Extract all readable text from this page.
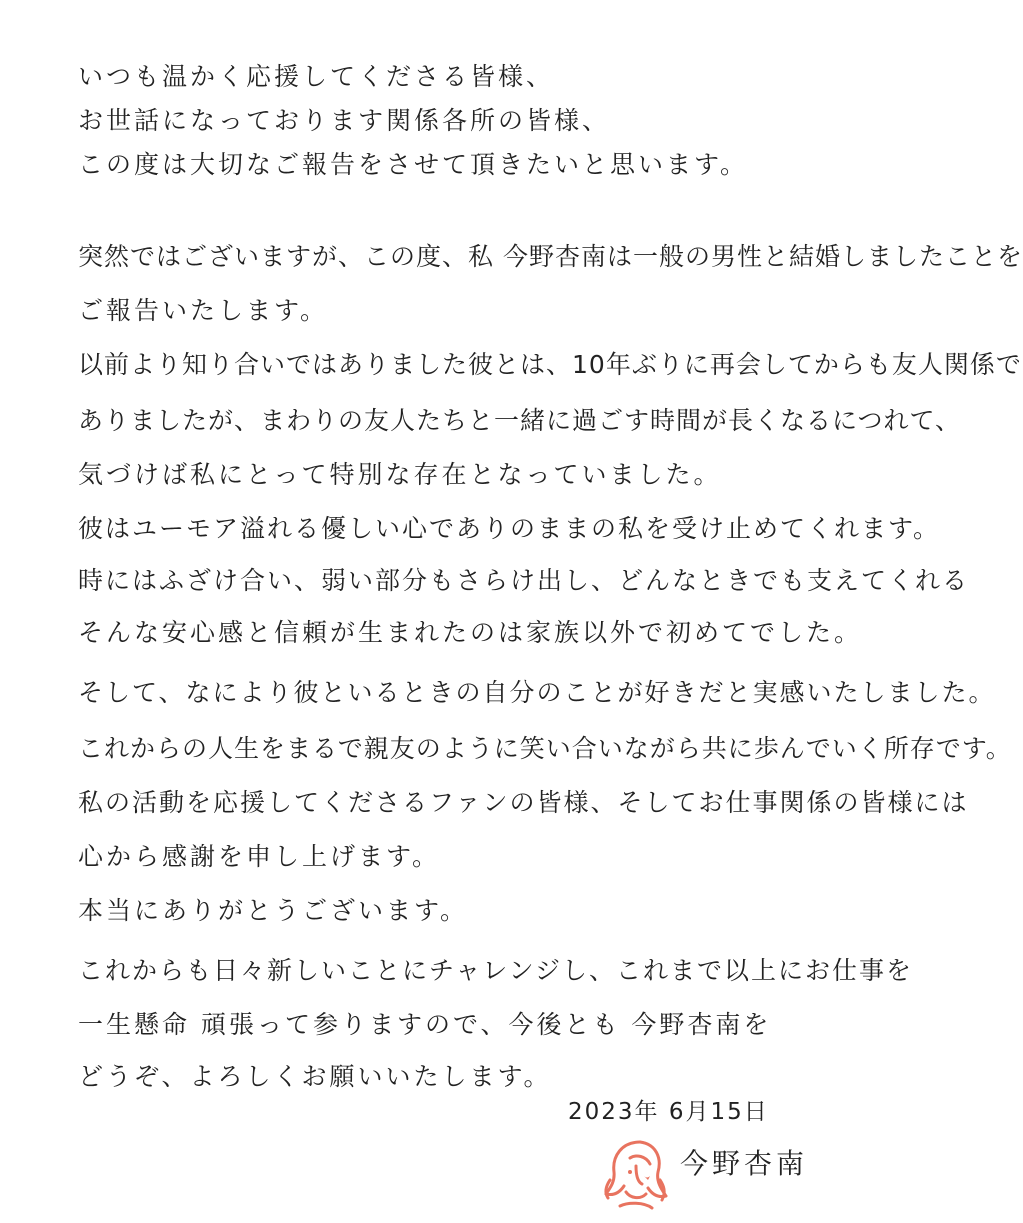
いつも温かく応援してくださる皆様、
お世話になっております関係各所の皆様、
この度は大切なご報告をさせて頂きたいと思います。
突然ではございますが、この度、私 今野杏南は一般の男性と結婚しましたことを
ご報告いたします。
以前より知り合いではありました彼とは、10年ぶりに再会してからも友人関係で
ありましたが、まわりの友人たちと一緒に過ごす時間が長くなるにつれて、
気づけば私にとって特別な存在となっていました。
彼はユーモア溢れる優しい心でありのままの私を受け止めてくれます。
時にはふざけ合い、弱い部分もさらけ出し、どんなときでも支えてくれる
そんな安心感と信頼が生まれたのは家族以外で初めてでした。
そして、なにより彼といるときの自分のことが好きだと実感いたしました。
これからの人生をまるで親友のように笑い合いながら共に歩んでいく所存です。
私の活動を応援してくださるファンの皆様、そしてお仕事関係の皆様には
心から感謝を申し上げます。
本当にありがとうございます。
これからも日々新しいことにチャレンジし、これまで以上にお仕事を
一生懸命 頑張って参りますので、今後とも 今野杏南を
どうぞ、よろしくお願いいたします。
2023年 6月15日
今野杏南
